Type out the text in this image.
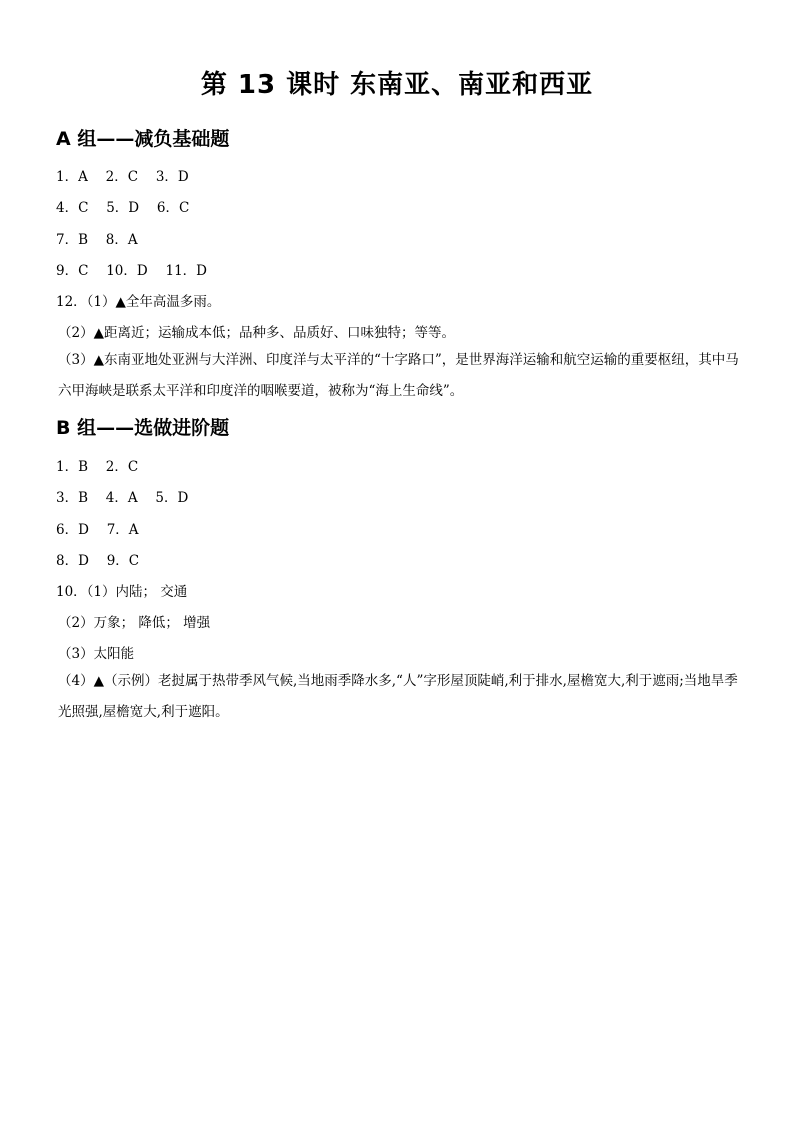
第 13 课时 东南亚、南亚和西亚
A 组——减负基础题
1．A　 2．C　 3．D
4．C　 5．D　 6．C
7．B　 8．A
9．C　 10．D　 11．D
12．（1）▲全年高温多雨。
（2）▲距离近；运输成本低；品种多、品质好、口味独特；等等。
（3）▲东南亚地处亚洲与大洋洲、印度洋与太平洋的“十字路口”，是世界海洋运输和航空运输的重要枢纽，其中马六甲海峡是联系太平洋和印度洋的咽喉要道，被称为“海上生命线”。
B 组——选做进阶题
1．B　 2．C
3．B　 4．A　 5．D
6．D　 7．A
8．D　 9．C
10．（1）内陆； 交通
（2）万象； 降低； 增强
（3）太阳能
（4）▲（示例）老挝属于热带季风气候,当地雨季降水多,“人”字形屋顶陡峭,利于排水,屋檐宽大,利于遮雨;当地旱季光照强,屋檐宽大,利于遮阳。
